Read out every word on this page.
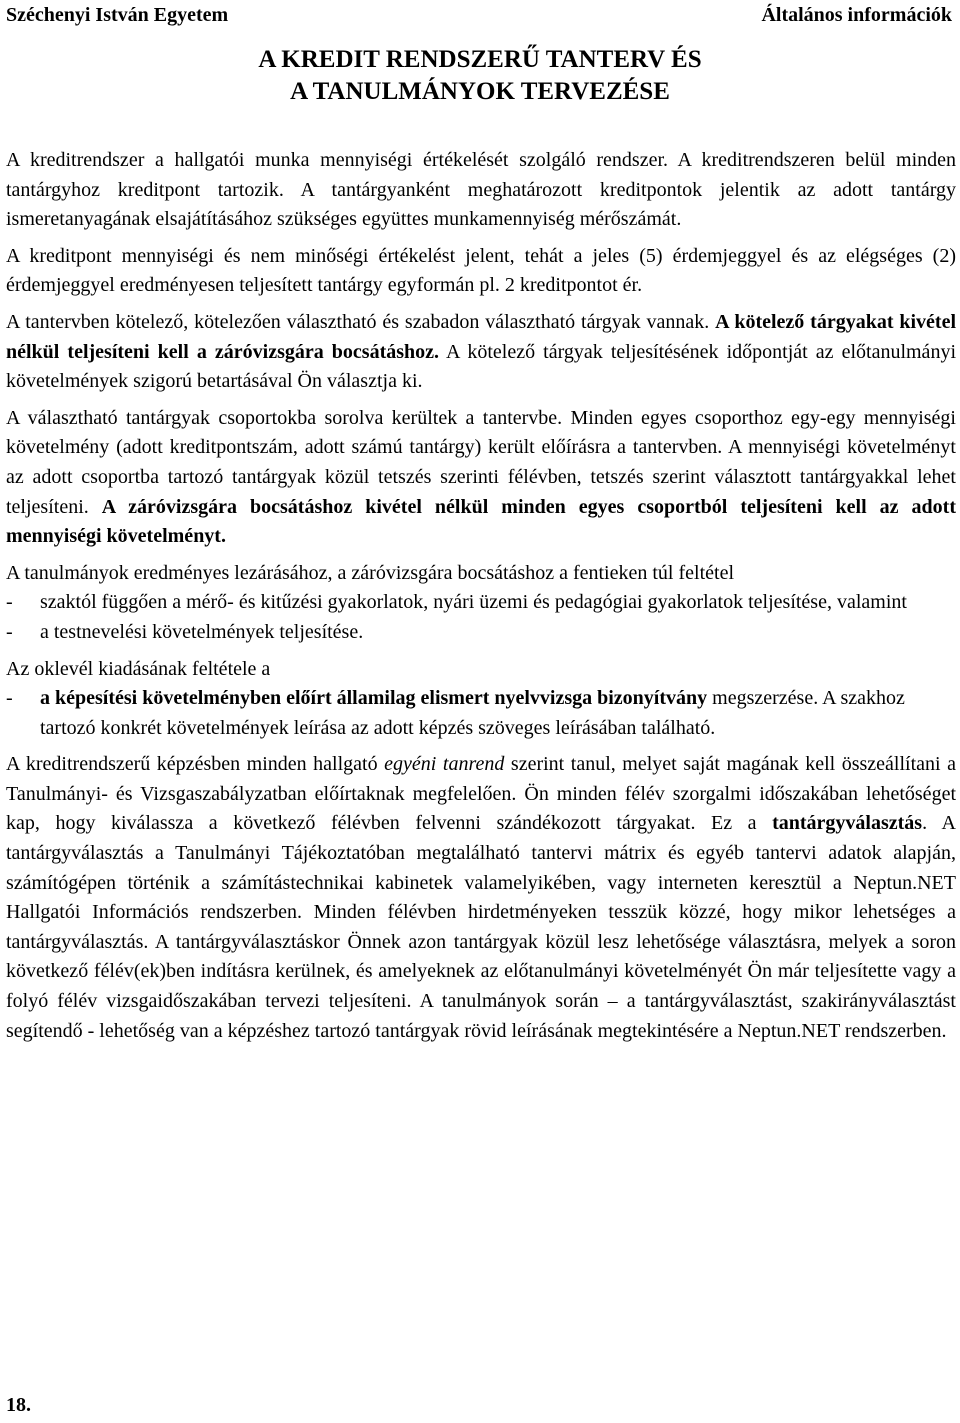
Széchenyi István Egyetem	Általános információk
A KREDIT RENDSZERŰ TANTERV ÉS
A TANULMÁNYOK TERVEZÉSE

A kreditrendszer a hallgatói munka mennyiségi értékelését szolgáló rendszer. A kreditrendszeren belül minden tantárgyhoz kreditpont tartozik. A tantárgyanként meghatározott kreditpontok jelentik az adott tantárgy ismeretanyagának elsajátításához szükséges együttes munkamennyiség mérőszámát.

A kreditpont mennyiségi és nem minőségi értékelést jelent, tehát a jeles (5) érdemjeggyel és az elégséges (2) érdemjeggyel eredményesen teljesített tantárgy egyformán pl. 2 kreditpontot ér.

A tantervben kötelező, kötelezően választható és szabadon választható tárgyak vannak. A kötelező tárgyakat kivétel nélkül teljesíteni kell a záróvizsgára bocsátáshoz. A kötelező tárgyak teljesítésének időpontját az előtanulmányi követelmények szigorú betartásával Ön választja ki.

A választható tantárgyak csoportokba sorolva kerültek a tantervbe. Minden egyes csoporthoz egy-egy mennyiségi követelmény (adott kreditpontszám, adott számú tantárgy) került előírásra a tantervben. A mennyiségi követelményt az adott csoportba tartozó tantárgyak közül tetszés szerinti félévben, tetszés szerint választott tantárgyakkal lehet teljesíteni. A záróvizsgára bocsátáshoz kivétel nélkül minden egyes csoportból teljesíteni kell az adott mennyiségi követelményt.

A tanulmányok eredményes lezárásához, a záróvizsgára bocsátáshoz a fentieken túl feltétel

- szaktól függően a mérő- és kitűzési gyakorlatok, nyári üzemi és pedagógiai gyakorlatok teljesítése, valamint
- a testnevelési követelmények teljesítése.

Az oklevél kiadásának feltétele a

- a képesítési követelményben előírt államilag elismert nyelvvizsga bizonyítvány megszerzése. A szakhoz tartozó konkrét követelmények leírása az adott képzés szöveges leírásában található.

A kreditrendszerű képzésben minden hallgató egyéni tanrend szerint tanul, melyet saját magának kell összeállítani a Tanulmányi- és Vizsgaszabályzatban előírtaknak megfelelően. Ön minden félév szorgalmi időszakában lehetőséget kap, hogy kiválassza a következő félévben felvenni szándékozott tárgyakat. Ez a tantárgyválasztás. A tantárgyválasztás a Tanulmányi Tájékoztatóban megtalálható tantervi mátrix és egyéb tantervi adatok alapján, számítógépen történik a számítástechnikai kabinetek valamelyikében, vagy interneten keresztül a Neptun.NET Hallgatói Információs rendszerben. Minden félévben hirdetményeken tesszük közzé, hogy mikor lehetséges a tantárgyválasztás. A tantárgyválasztáskor Önnek azon tantárgyak közül lesz lehetősége választásra, melyek a soron következő félév(ek)ben indításra kerülnek, és amelyeknek az előtanulmányi követelményét Ön már teljesítette vagy a folyó félév vizsgaidőszakában tervezi teljesíteni. A tanulmányok során – a tantárgyválasztást, szakirányválasztást segítendő - lehetőség van a képzéshez tartozó tantárgyak rövid leírásának megtekintésére a Neptun.NET rendszerben.

18.
